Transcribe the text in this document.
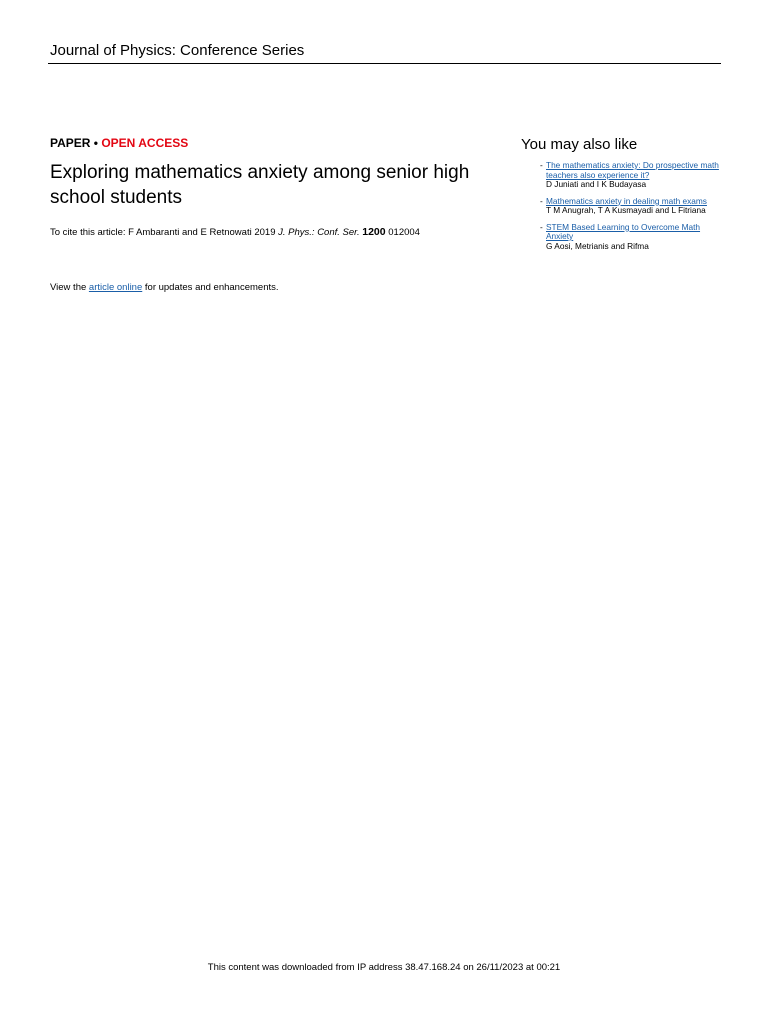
Journal of Physics: Conference Series
PAPER • OPEN ACCESS
Exploring mathematics anxiety among senior high school students
To cite this article: F Ambaranti and E Retnowati 2019 J. Phys.: Conf. Ser. 1200 012004
View the article online for updates and enhancements.
You may also like
- The mathematics anxiety: Do prospective math teachers also experience it?
D Juniati and I K Budayasa
- Mathematics anxiety in dealing math exams
T M Anugrah, T A Kusmayadi and L Fitriana
- STEM Based Learning to Overcome Math Anxiety
G Aosi, Metrianis and Rifma
This content was downloaded from IP address 38.47.168.24 on 26/11/2023 at 00:21
